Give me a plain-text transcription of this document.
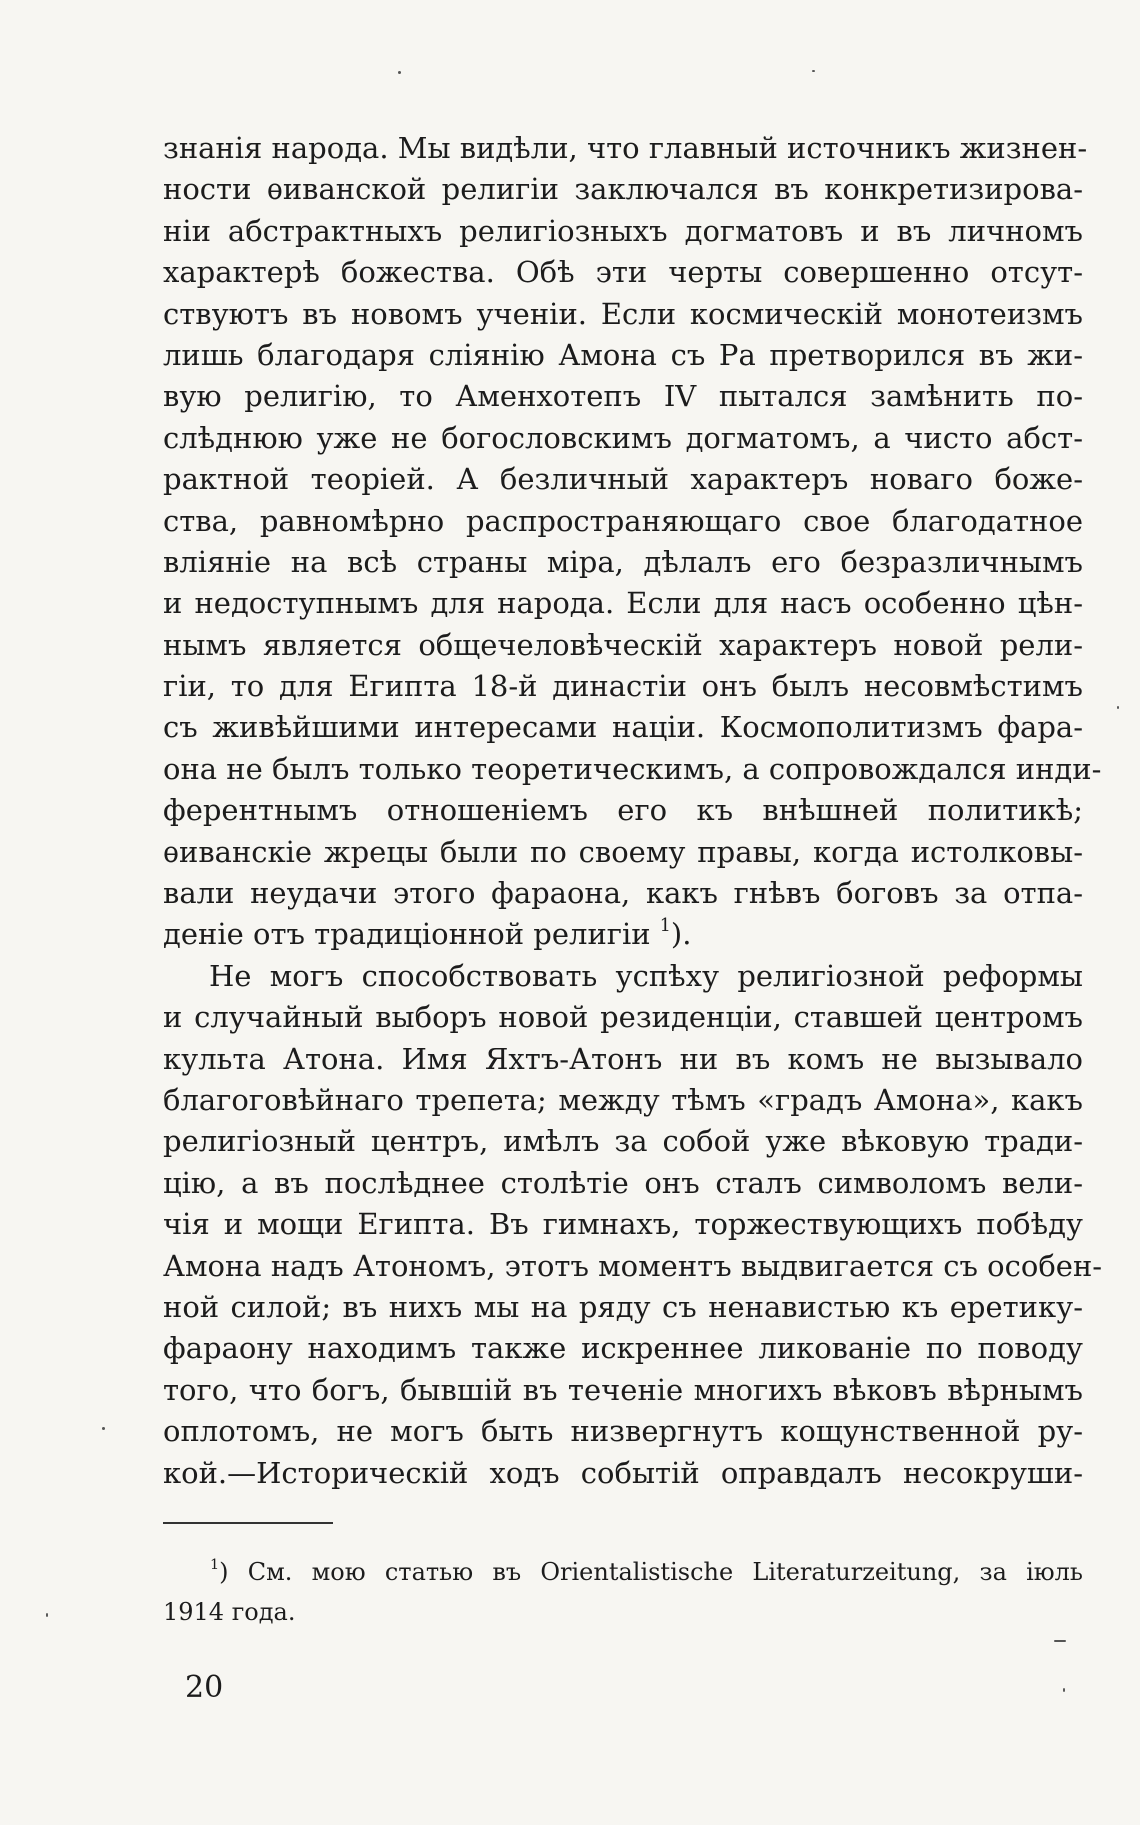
знанія народа. Мы видѣли, что главный источникъ жизнен-
ности ѳиванской религіи заключался въ конкретизирова-
ніи абстрактныхъ религіозныхъ догматовъ и въ личномъ
характерѣ божества. Обѣ эти черты совершенно отсут-
ствуютъ въ новомъ ученіи. Если космическій монотеизмъ
лишь благодаря сліянію Амона съ Ра претворился въ жи-
вую религію, то Аменхотепъ IV пытался замѣнить по-
слѣднюю уже не богословскимъ догматомъ, а чисто абст-
рактной теоріей. А безличный характеръ новаго боже-
ства, равномѣрно распространяющаго свое благодатное
вліяніе на всѣ страны міра, дѣлалъ его безразличнымъ
и недоступнымъ для народа. Если для насъ особенно цѣн-
нымъ является общечеловѣческій характеръ новой рели-
гіи, то для Египта 18-й династіи онъ былъ несовмѣстимъ
съ живѣйшими интересами націи. Космополитизмъ фара-
она не былъ только теоретическимъ, а сопровождался инди-
ферентнымъ отношеніемъ его къ внѣшней политикѣ;
ѳиванскіе жрецы были по своему правы, когда истолковы-
вали неудачи этого фараона, какъ гнѣвъ боговъ за отпа-
деніе отъ традиціонной религіи $^1$).
Не могъ способствовать успѣху религіозной реформы
и случайный выборъ новой резиденціи, ставшей центромъ
культа Атона. Имя Яхтъ-Атонъ ни въ комъ не вызывало
благоговѣйнаго трепета; между тѣмъ «градъ Амона», какъ
религіозный центръ, имѣлъ за собой уже вѣковую тради-
цію, а въ послѣднее столѣтіе онъ сталъ символомъ вели-
чія и мощи Египта. Въ гимнахъ, торжествующихъ побѣду
Амона надъ Атономъ, этотъ моментъ выдвигается съ особен-
ной силой; въ нихъ мы на ряду съ ненавистью къ еретику-
фараону находимъ также искреннее ликованіе по поводу
того, что богъ, бывшій въ теченіе многихъ вѣковъ вѣрнымъ
оплотомъ, не могъ быть низвергнутъ кощунственной ру-
кой.—Историческій ходъ событій оправдалъ несокруши-
$^1$) См. мою статью въ Orientalistische Literaturzeitung, за іюль
1914 года.
20
